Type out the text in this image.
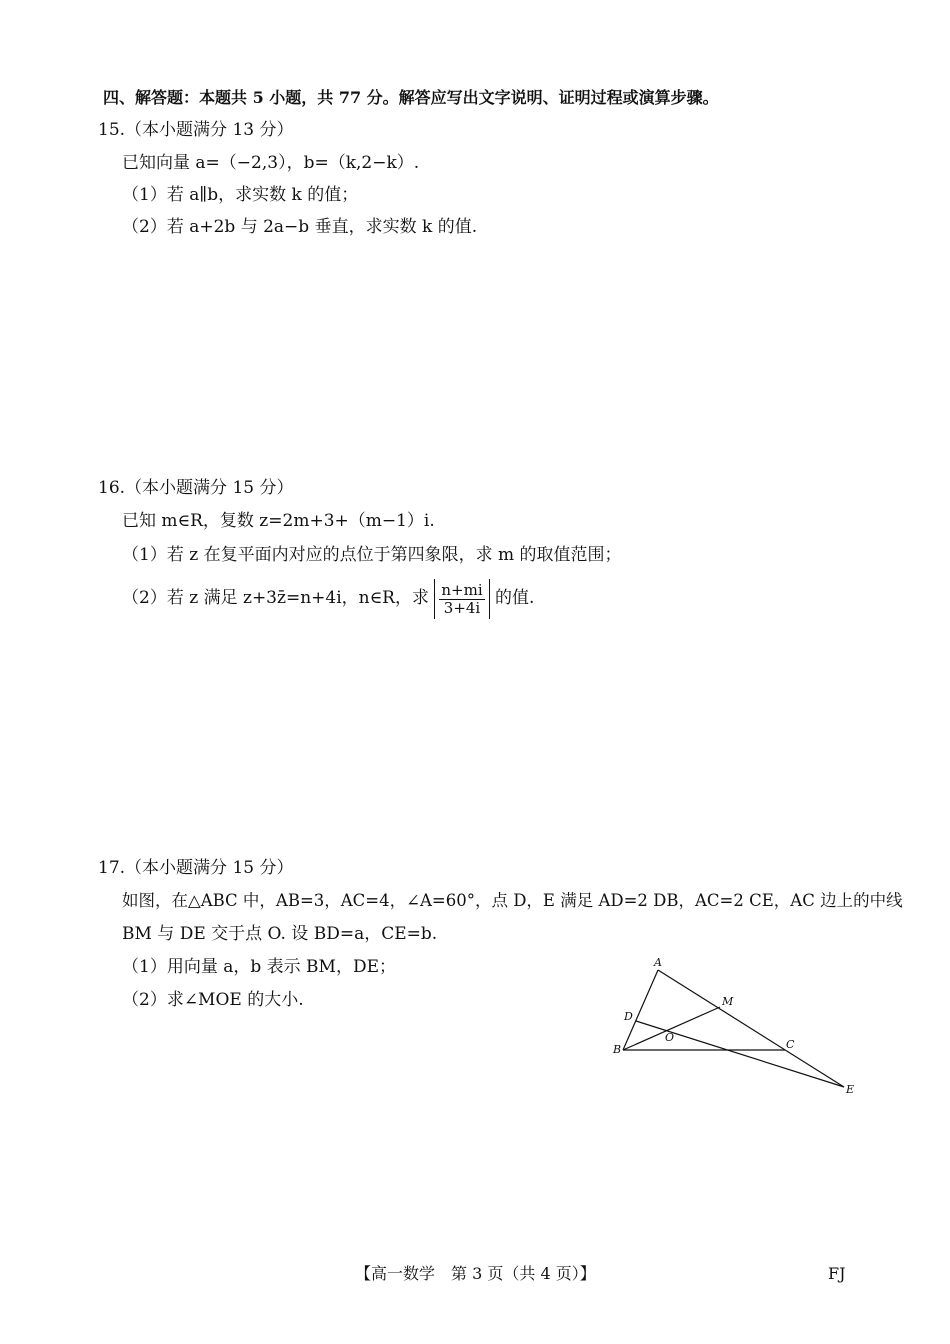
四、解答题：本题共 5 小题，共 77 分。解答应写出文字说明、证明过程或演算步骤。
15.（本小题满分 13 分）
已知向量 a=（−2,3），b=（k,2−k）.
（1）若 a∥b，求实数 k 的值；
（2）若 a+2b 与 2a−b 垂直，求实数 k 的值.
16.（本小题满分 15 分）
已知 m∈R，复数 z=2m+3+（m−1）i.
（1）若 z 在复平面内对应的点位于第四象限，求 m 的取值范围；
（2）若 z 满足 z+3z̄=n+4i，n∈R，求 $\frac{n+mi}{3+4i}$ 的值.
17.（本小题满分 15 分）
如图，在△ABC 中，AB=3，AC=4，∠A=60°，点 D，E 满足 AD=2 DB，AC=2 CE，AC 边上的中线
BM 与 DE 交于点 O. 设 BD=a，CE=b.
（1）用向量 a，b 表示 BM，DE；
（2）求∠MOE 的大小.
A
M
D
O
B	C
E
【高一数学　第 3 页（共 4 页）】	FJ
